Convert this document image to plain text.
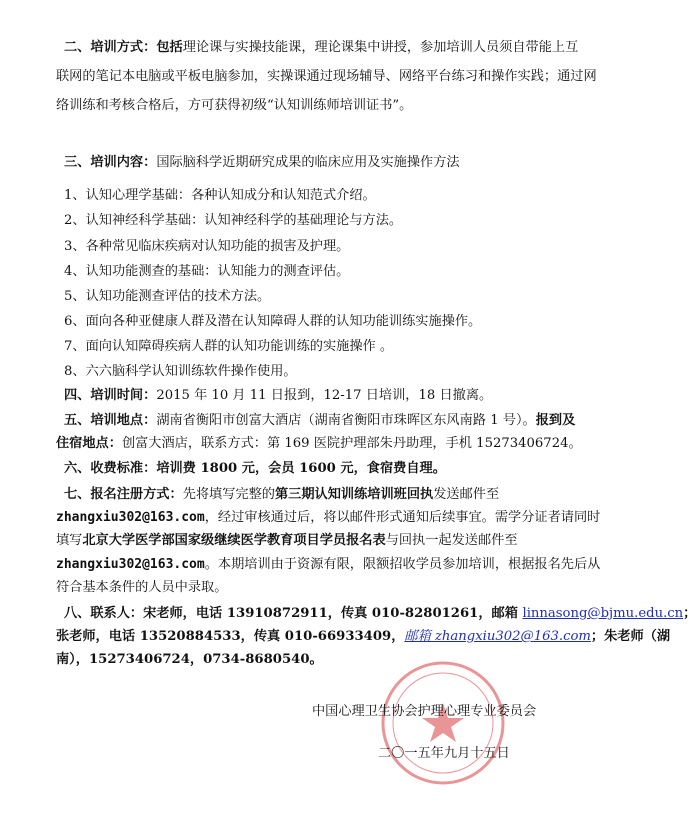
二、培训方式：包括理论课与实操技能课，理论课集中讲授，参加培训人员须自带能上互
联网的笔记本电脑或平板电脑参加，实操课通过现场辅导、网络平台练习和操作实践；通过网
络训练和考核合格后，方可获得初级“认知训练师培训证书”。
三、培训内容：国际脑科学近期研究成果的临床应用及实施操作方法
1、认知心理学基础：各种认知成分和认知范式介绍。
2、认知神经科学基础：认知神经科学的基础理论与方法。
3、各种常见临床疾病对认知功能的损害及护理。
4、认知功能测查的基础：认知能力的测查评估。
5、认知功能测查评估的技术方法。
6、面向各种亚健康人群及潜在认知障碍人群的认知功能训练实施操作。
7、面向认知障碍疾病人群的认知功能训练的实施操作 。
8、六六脑科学认知训练软件操作使用。
四、培训时间：2015 年 10 月 11 日报到，12-17 日培训，18 日撤离。
五、培训地点：湖南省衡阳市创富大酒店（湖南省衡阳市珠晖区东风南路 1 号）。报到及
住宿地点：创富大酒店，联系方式：第 169 医院护理部朱丹助理，手机 15273406724。
六、收费标准：培训费 1800 元，会员 1600 元，食宿费自理。
七、报名注册方式：先将填写完整的第三期认知训练培训班回执发送邮件至
zhangxiu302@163.com，经过审核通过后，将以邮件形式通知后续事宜。需学分证者请同时
填写北京大学医学部国家级继续医学教育项目学员报名表与回执一起发送邮件至
zhangxiu302@163.com。本期培训由于资源有限，限额招收学员参加培训，根据报名先后从
符合基本条件的人员中录取。
八、联系人：宋老师，电话 13910872911，传真 010-82801261，邮箱 linnasong@bjmu.edu.cn；
张老师，电话 13520884533，传真 010-66933409，邮箱 zhangxiu302@163.com；朱老师（湖
南），15273406724，0734-8680540。
中国心理卫生协会护理心理专业委员会
二〇一五年九月十五日
